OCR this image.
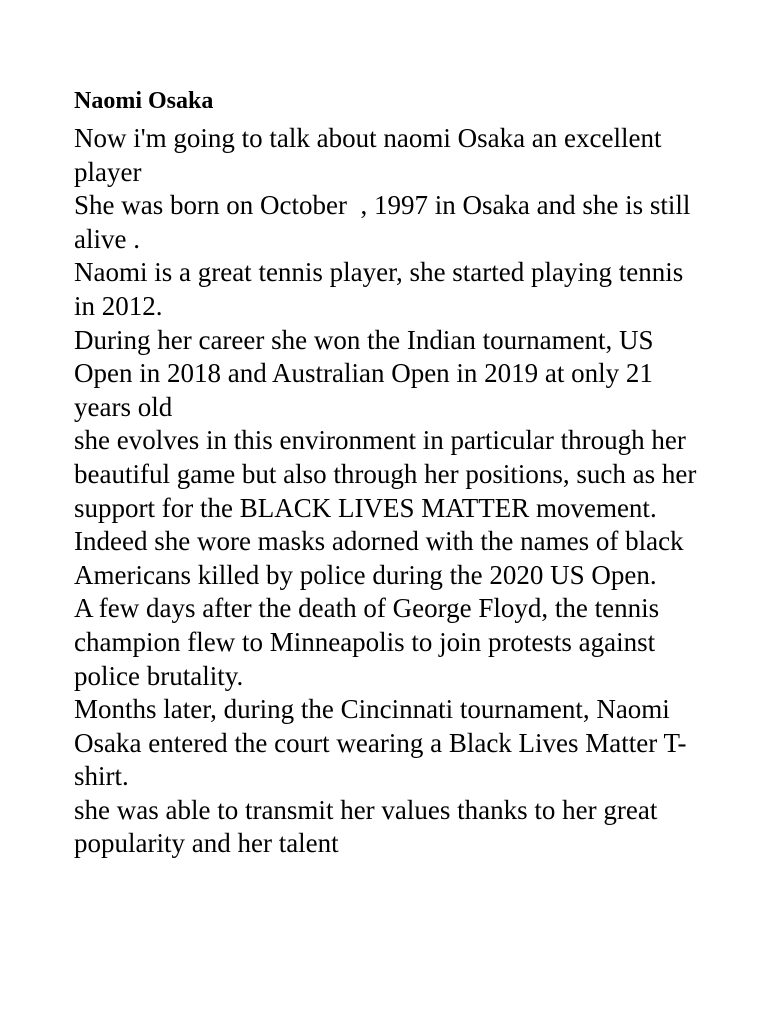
Naomi Osaka

Now i'm going to talk about naomi Osaka an excellent player

She was born on October  , 1997 in Osaka and she is still alive .

Naomi is a great tennis player, she started playing tennis in 2012.

During her career she won the Indian tournament, US Open in 2018 and Australian Open in 2019 at only 21 years old

she evolves in this environment in particular through her beautiful game but also through her positions, such as her support for the BLACK LIVES MATTER movement.

Indeed she wore masks adorned with the names of black Americans killed by police during the 2020 US Open.

A few days after the death of George Floyd, the tennis champion flew to Minneapolis to join protests against police brutality.

Months later, during the Cincinnati tournament, Naomi Osaka entered the court wearing a Black Lives Matter T-shirt.

she was able to transmit her values thanks to her great popularity and her talent
